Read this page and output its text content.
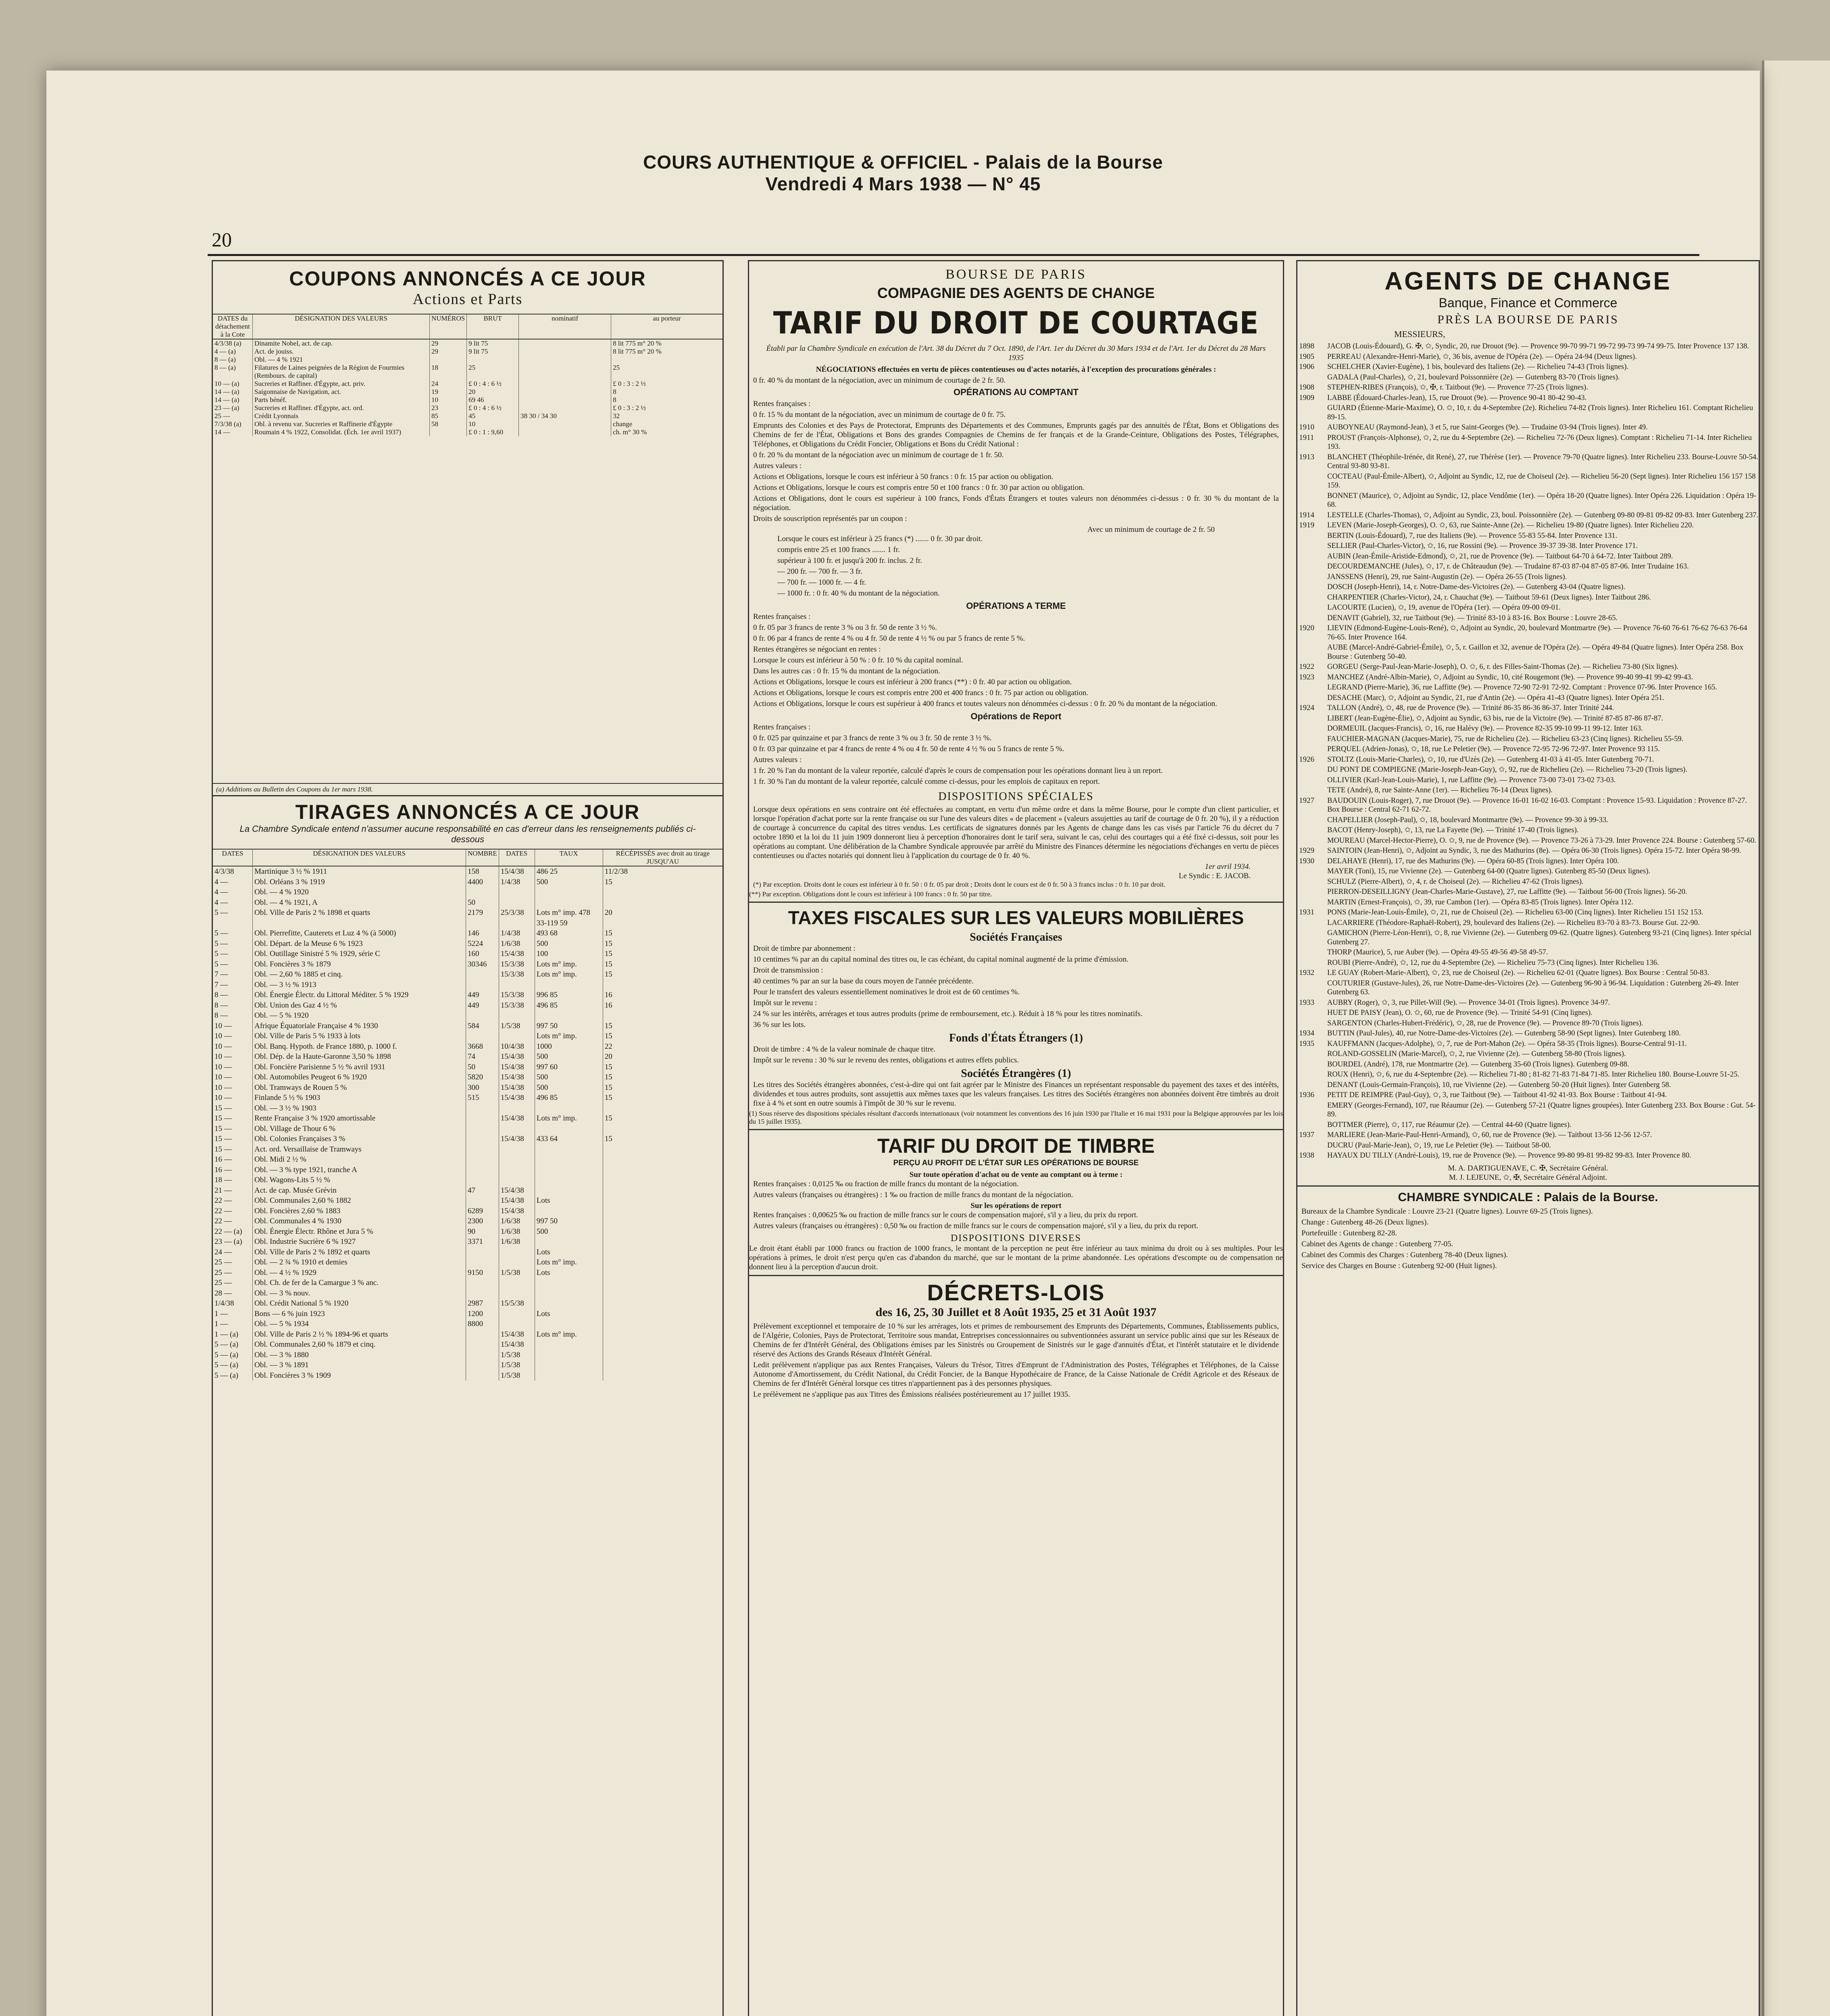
COURS AUTHENTIQUE & OFFICIEL - Palais de la Bourse
Vendredi 4 Mars 1938 — N° 45
20
COUPONS ANNONCÉS A CE JOUR
Actions et Parts
DATES du détachement à la Cote	DÉSIGNATION DES VALEURS	NUMÉROS	BRUT	nominatif	au porteur
4/3/38 (a)	Dinamite Nobel, act. de cap.	29	9 lit 75		8 lit 775 m° 20 %
4 — (a)	Act. de jouiss.	29	9 lit 75		8 lit 775 m° 20 %
8 — (a)	Obl. — 4 % 1921				
8 — (a)	Filatures de Laines peignées de la Région de Fourmies	18	25		25
	(Rembours. de capital)				
10 — (a)	Sucreries et Raffiner. d'Égypte, act. priv.	24	£ 0 : 4 : 6 ½		£ 0 : 3 : 2 ½
14 — (a)	Saigonnaise de Navigation, act.	19	20		8
14 — (a)	Parts bénéf.	10	69 46		8
23 — (a)	Sucreries et Raffiner. d'Égypte, act. ord.	23	£ 0 : 4 : 6 ½		£ 0 : 3 : 2 ½
25 —	Crédit Lyonnais	85	45	38 30 / 34 30	32
7/3/38 (a)	Obl. à revenu var. Sucreries et Raffinerie d'Égypte	58	10		change
14 —	Roumain 4 % 1922, Consolidat. (Éch. 1er avril 1937)		£ 0 : 1 : 9,60		ch. m° 30 %
(a) Additions au Bulletin des Coupons du 1er mars 1938.
TIRAGES ANNONCÉS A CE JOUR
La Chambre Syndicale entend n'assumer aucune responsabilité en cas d'erreur dans les renseignements publiés ci-dessous
DATES	DÉSIGNATION DES VALEURS	NOMBRE	DATES	TAUX	RÉCÉPISSÉS avec droit au tirage JUSQU'AU
4/3/38	Martinique 3 ½ % 1911	158	15/4/38	486 25	11/2/38
4 —	Obl. Orléans 3 % 1919	4400	1/4/38	500	15
4 —	Obl. — 4 % 1920				
4 —	Obl. — 4 % 1921, A	50			
5 —	Obl. Ville de Paris 2 % 1898 et quarts	2179	25/3/38	Lots m° imp. 478 33-119 59	20
5 —	Obl. Pierrefitte, Cauterets et Luz 4 % (à 5000)	146	1/4/38	493 68	15
5 —	Obl. Départ. de la Meuse 6 % 1923	5224	1/6/38	500	15
5 —	Obl. Outillage Sinistré 5 % 1929, série C	160	15/4/38	100	15
5 —	Obl. Foncières 3 % 1879	30346	15/3/38	Lots m° imp.	15
7 —	Obl. — 2,60 % 1885 et cinq.		15/3/38	Lots m° imp.	15
7 —	Obl. — 3 ½ % 1913				
8 —	Obl. Énergie Électr. du Littoral Méditer. 5 % 1929	449	15/3/38	996 85	16
8 —	Obl. Union des Gaz 4 ½ %	449	15/3/38	496 85	16
8 —	Obl. — 5 % 1920				
10 —	Afrique Équatoriale Française 4 % 1930	584	1/5/38	997 50	15
10 —	Obl. Ville de Paris 5 % 1933 à lots			Lots m° imp.	15
10 —	Obl. Banq. Hypoth. de France 1880, p. 1000 f.	3668	10/4/38	1000	22
10 —	Obl. Dép. de la Haute-Garonne 3,50 % 1898	74	15/4/38	500	20
10 —	Obl. Foncière Parisienne 5 ½ % avril 1931	50	15/4/38	997 60	15
10 —	Obl. Automobiles Peugeot 6 % 1920	5820	15/4/38	500	15
10 —	Obl. Tramways de Rouen 5 %	300	15/4/38	500	15
10 —	Finlande 5 ½ % 1903	515	15/4/38	496 85	15
15 —	Obl. — 3 ½ % 1903				
15 —	Rente Française 3 % 1920 amortissable		15/4/38	Lots m° imp.	15
15 —	Obl. Village de Thour 6 %				
15 —	Obl. Colonies Françaises 3 %		15/4/38	433 64	15
15 —	Act. ord. Versaillaise de Tramways				
16 —	Obl. Midi 2 ½ %				
16 —	Obl. — 3 % type 1921, tranche A				
18 —	Obl. Wagons-Lits 5 ½ %				
21 —	Act. de cap. Musée Grévin	47	15/4/38		
22 —	Obl. Communales 2,60 % 1882		15/4/38	Lots	
22 —	Obl. Foncières 2,60 % 1883	6289	15/4/38		
22 —	Obl. Communales 4 % 1930	2300	1/6/38	997 50	
22 — (a)	Obl. Énergie Électr. Rhône et Jura 5 %	90	1/6/38	500	
23 — (a)	Obl. Industrie Sucrière 6 % 1927	3371	1/6/38		
24 —	Obl. Ville de Paris 2 % 1892 et quarts			Lots	
25 —	Obl. — 2 ¾ % 1910 et demies			Lots m° imp.	
25 —	Obl. — 4 ½ % 1929	9150	1/5/38	Lots	
25 —	Obl. Ch. de fer de la Camargue 3 % anc.				
28 —	Obl. — 3 % nouv.				
1/4/38	Obl. Crédit National 5 % 1920	2987	15/5/38		
1 —	Bons — 6 % juin 1923	1200		Lots	
1 —	Obl. — 5 % 1934	8800			
1 — (a)	Obl. Ville de Paris 2 ½ % 1894-96 et quarts		15/4/38	Lots m° imp.	
5 — (a)	Obl. Communales 2,60 % 1879 et cinq.		15/4/38		
5 — (a)	Obl. — 3 % 1880		1/5/38		
5 — (a)	Obl. — 3 % 1891		1/5/38		
5 — (a)	Obl. Foncières 3 % 1909		1/5/38		
BOURSE DE PARIS
COMPAGNIE DES AGENTS DE CHANGE
TARIF DU DROIT DE COURTAGE
Établi par la Chambre Syndicale en exécution de l'Art. 38 du Décret du 7 Oct. 1890, de l'Art. 1er du Décret du 30 Mars 1934 et de l'Art. 1er du Décret du 28 Mars 1935
NÉGOCIATIONS effectuées en vertu de pièces contentieuses ou d'actes notariés, à l'exception des procurations générales :
0 fr. 40 % du montant de la négociation, avec un minimum de courtage de 2 fr. 50.
OPÉRATIONS AU COMPTANT
Rentes françaises :
0 fr. 15 % du montant de la négociation, avec un minimum de courtage de 0 fr. 75.
Emprunts des Colonies et des Pays de Protectorat, Emprunts des Départements et des Communes, Emprunts gagés par des annuités de l'État, Bons et Obligations des Chemins de fer de l'État, Obligations et Bons des grandes Compagnies de Chemins de fer français et de la Grande-Ceinture, Obligations des Postes, Télégraphes, Téléphones, et Obligations du Crédit Foncier, Obligations et Bons du Crédit National :
0 fr. 20 % du montant de la négociation avec un minimum de courtage de 1 fr. 50.
Autres valeurs :
Actions et Obligations, lorsque le cours est inférieur à 50 francs : 0 fr. 15 par action ou obligation.
Actions et Obligations, lorsque le cours est compris entre 50 et 100 francs : 0 fr. 30 par action ou obligation.
Actions et Obligations, dont le cours est supérieur à 100 francs, Fonds d'États Étrangers et toutes valeurs non dénommées ci-dessus : 0 fr. 30 % du montant de la négociation.
Droits de souscription représentés par un coupon :
Avec un minimum de courtage de 2 fr. 50
Lorsque le cours est inférieur à 25 francs (*) ....... 0 fr. 30 par droit.
compris entre 25 et 100 francs ....... 1 fr.
supérieur à 100 fr. et jusqu'à 200 fr. inclus. 2 fr.
— 200 fr. — 700 fr. — 3 fr.
— 700 fr. — 1000 fr. — 4 fr.
— 1000 fr. : 0 fr. 40 % du montant de la négociation.
OPÉRATIONS A TERME
Rentes françaises :
0 fr. 05 par 3 francs de rente 3 % ou 3 fr. 50 de rente 3 ½ %.
0 fr. 06 par 4 francs de rente 4 % ou 4 fr. 50 de rente 4 ½ % ou par 5 francs de rente 5 %.
Rentes étrangères se négociant en rentes :
Lorsque le cours est inférieur à 50 % : 0 fr. 10 % du capital nominal.
Dans les autres cas : 0 fr. 15 % du montant de la négociation.
Actions et Obligations, lorsque le cours est inférieur à 200 francs (**) : 0 fr. 40 par action ou obligation.
Actions et Obligations, lorsque le cours est compris entre 200 et 400 francs : 0 fr. 75 par action ou obligation.
Actions et Obligations, lorsque le cours est supérieur à 400 francs et toutes valeurs non dénommées ci-dessus : 0 fr. 20 % du montant de la négociation.
Opérations de Report
Rentes françaises :
0 fr. 025 par quinzaine et par 3 francs de rente 3 % ou 3 fr. 50 de rente 3 ½ %.
0 fr. 03 par quinzaine et par 4 francs de rente 4 % ou 4 fr. 50 de rente 4 ½ % ou 5 francs de rente 5 %.
Autres valeurs :
1 fr. 20 % l'an du montant de la valeur reportée, calculé d'après le cours de compensation pour les opérations donnant lieu à un report.
1 fr. 30 % l'an du montant de la valeur reportée, calculé comme ci-dessus, pour les emplois de capitaux en report.
DISPOSITIONS SPÉCIALES
Lorsque deux opérations en sens contraire ont été effectuées au comptant, en vertu d'un même ordre et dans la même Bourse, pour le compte d'un client particulier, et lorsque l'opération d'achat porte sur la rente française ou sur l'une des valeurs dites « de placement » (valeurs assujetties au tarif de courtage de 0 fr. 20 %), il y a réduction de courtage à concurrence du capital des titres vendus. Les certificats de signatures donnés par les Agents de change dans les cas visés par l'article 76 du décret du 7 octobre 1890 et la loi du 11 juin 1909 donneront lieu à perception d'honoraires dont le tarif sera, suivant le cas, celui des courtages qui a été fixé ci-dessus, soit pour les opérations au comptant. Une délibération de la Chambre Syndicale approuvée par arrêté du Ministre des Finances détermine les négociations d'échanges en vertu de pièces contentieuses ou d'actes notariés qui donnent lieu à l'application du courtage de 0 fr. 40 %.
1er avril 1934.
Le Syndic : E. JACOB.
(*) Par exception. Droits dont le cours est inférieur à 0 fr. 50 : 0 fr. 05 par droit ; Droits dont le cours est de 0 fr. 50 à 3 francs inclus : 0 fr. 10 par droit.
(**) Par exception. Obligations dont le cours est inférieur à 100 francs : 0 fr. 50 par titre.
TAXES FISCALES SUR LES VALEURS MOBILIÈRES
Sociétés Françaises
Droit de timbre par abonnement :
10 centimes % par an du capital nominal des titres ou, le cas échéant, du capital nominal augmenté de la prime d'émission.
Droit de transmission :
40 centimes % par an sur la base du cours moyen de l'année précédente.
Pour le transfert des valeurs essentiellement nominatives le droit est de 60 centimes %.
Impôt sur le revenu :
24 % sur les intérêts, arrérages et tous autres produits (prime de remboursement, etc.). Réduit à 18 % pour les titres nominatifs.
36 % sur les lots.
Fonds d'États Étrangers (1)
Droit de timbre : 4 % de la valeur nominale de chaque titre.
Impôt sur le revenu : 30 % sur le revenu des rentes, obligations et autres effets publics.
Sociétés Étrangères (1)
Les titres des Sociétés étrangères abonnées, c'est-à-dire qui ont fait agréer par le Ministre des Finances un représentant responsable du payement des taxes et des intérêts, dividendes et tous autres produits, sont assujettis aux mêmes taxes que les valeurs françaises. Les titres des Sociétés étrangères non abonnées doivent être timbrés au droit fixe à 4 % et sont en outre soumis à l'impôt de 30 % sur le revenu.
(1) Sous réserve des dispositions spéciales résultant d'accords internationaux (voir notamment les conventions des 16 juin 1930 par l'Italie et 16 mai 1931 pour la Belgique approuvées par les lois du 15 juillet 1935).
TARIF DU DROIT DE TIMBRE
PERÇU AU PROFIT DE L'ÉTAT SUR LES OPÉRATIONS DE BOURSE
Sur toute opération d'achat ou de vente au comptant ou à terme :
Rentes françaises : 0,0125 ‰ ou fraction de mille francs du montant de la négociation.
Autres valeurs (françaises ou étrangères) : 1 ‰ ou fraction de mille francs du montant de la négociation.
Sur les opérations de report
Rentes françaises : 0,00625 ‰ ou fraction de mille francs sur le cours de compensation majoré, s'il y a lieu, du prix du report.
Autres valeurs (françaises ou étrangères) : 0,50 ‰ ou fraction de mille francs sur le cours de compensation majoré, s'il y a lieu, du prix du report.
DISPOSITIONS DIVERSES
Le droit étant établi par 1000 francs ou fraction de 1000 francs, le montant de la perception ne peut être inférieur au taux minima du droit ou à ses multiples. Pour les opérations à primes, le droit n'est perçu qu'en cas d'abandon du marché, que sur le montant de la prime abandonnée. Les opérations d'escompte ou de compensation ne donnent lieu à la perception d'aucun droit.
DÉCRETS-LOIS
des 16, 25, 30 Juillet et 8 Août 1935, 25 et 31 Août 1937
Prélèvement exceptionnel et temporaire de 10 % sur les arrérages, lots et primes de remboursement des Emprunts des Départements, Communes, Établissements publics, de l'Algérie, Colonies, Pays de Protectorat, Territoire sous mandat, Entreprises concessionnaires ou subventionnées assurant un service public ainsi que sur les Réseaux de Chemins de fer d'Intérêt Général, des Obligations émises par les Sinistrés ou Groupement de Sinistrés sur le gage d'annuités d'État, et l'intérêt statutaire et le dividende réservé des Actions des Grands Réseaux d'Intérêt Général.
Ledit prélèvement n'applique pas aux Rentes Françaises, Valeurs du Trésor, Titres d'Emprunt de l'Administration des Postes, Télégraphes et Téléphones, de la Caisse Autonome d'Amortissement, du Crédit National, du Crédit Foncier, de la Banque Hypothécaire de France, de la Caisse Nationale de Crédit Agricole et des Réseaux de Chemins de fer d'Intérêt Général lorsque ces titres n'appartiennent pas à des personnes physiques.
Le prélèvement ne s'applique pas aux Titres des Émissions réalisées postérieurement au 17 juillet 1935.
AGENTS DE CHANGE
Banque, Finance et Commerce
PRÈS LA BOURSE DE PARIS
MESSIEURS,
1898	JACOB (Louis-Édouard), G. ✠, ✩, Syndic, 20, rue Drouot (9e). — Provence 99-70 99-71 99-72 99-73 99-74 99-75. Inter Provence 137 138.
1905	PERREAU (Alexandre-Henri-Marie), ✩, 36 bis, avenue de l'Opéra (2e). — Opéra 24-94 (Deux lignes).
1906	SCHELCHER (Xavier-Eugène), 1 bis, boulevard des Italiens (2e). — Richelieu 74-43 (Trois lignes).
GADALA (Paul-Charles), ✩, 21, boulevard Poissonnière (2e). — Gutenberg 83-70 (Trois lignes).
1908	STEPHEN-RIBES (François), ✩, ✠, r. Taitbout (9e). — Provence 77-25 (Trois lignes).
1909	LABBE (Édouard-Charles-Jean), 15, rue Drouot (9e). — Provence 90-41 80-42 90-43.
GUIARD (Étienne-Marie-Maxime), O. ✩, 10, r. du 4-Septembre (2e). Richelieu 74-82 (Trois lignes). Inter Richelieu 161. Comptant Richelieu 89-15.
1910	AUBOYNEAU (Raymond-Jean), 3 et 5, rue Saint-Georges (9e). — Trudaine 03-94 (Trois lignes). Inter 49.
1911	PROUST (François-Alphonse), ✩, 2, rue du 4-Septembre (2e). — Richelieu 72-76 (Deux lignes). Comptant : Richelieu 71-14. Inter Richelieu 193.
1913	BLANCHET (Théophile-Irénée, dit René), 27, rue Thérèse (1er). — Provence 79-70 (Quatre lignes). Inter Richelieu 233. Bourse-Louvre 50-54. Central 93-80 93-81.
COCTEAU (Paul-Émile-Albert), ✩, Adjoint au Syndic, 12, rue de Choiseul (2e). — Richelieu 56-20 (Sept lignes). Inter Richelieu 156 157 158 159.
BONNET (Maurice), ✩, Adjoint au Syndic, 12, place Vendôme (1er). — Opéra 18-20 (Quatre lignes). Inter Opéra 226. Liquidation : Opéra 19-68.
1914	LESTELLE (Charles-Thomas), ✩, Adjoint au Syndic, 23, boul. Poissonnière (2e). — Gutenberg 09-80 09-81 09-82 09-83. Inter Gutenberg 237.
1919	LEVEN (Marie-Joseph-Georges), O. ✩, 63, rue Sainte-Anne (2e). — Richelieu 19-80 (Quatre lignes). Inter Richelieu 220.
BERTIN (Louis-Édouard), 7, rue des Italiens (9e). — Provence 55-83 55-84. Inter Provence 131.
SELLIER (Paul-Charles-Victor), ✩, 16, rue Rossini (9e). — Provence 39-37 39-38. Inter Provence 171.
AUBIN (Jean-Émile-Aristide-Edmond), ✩, 21, rue de Provence (9e). — Taitbout 64-70 à 64-72. Inter Taitbout 289.
DECOURDEMANCHE (Jules), ✩, 17, r. de Châteaudun (9e). — Trudaine 87-03 87-04 87-05 87-06. Inter Trudaine 163.
JANSSENS (Henri), 29, rue Saint-Augustin (2e). — Opéra 26-55 (Trois lignes).
DOSCH (Joseph-Henri), 14, r. Notre-Dame-des-Victoires (2e). — Gutenberg 43-04 (Quatre lignes).
CHARPENTIER (Charles-Victor), 24, r. Chauchat (9e). — Taitbout 59-61 (Deux lignes). Inter Taitbout 286.
LACOURTE (Lucien), ✩, 19, avenue de l'Opéra (1er). — Opéra 09-00 09-01.
DENAVIT (Gabriel), 32, rue Taitbout (9e). — Trinité 83-10 à 83-16. Box Bourse : Louvre 28-65.
1920	LIEVIN (Edmond-Eugène-Louis-René), ✩, Adjoint au Syndic, 20, boulevard Montmartre (9e). — Provence 76-60 76-61 76-62 76-63 76-64 76-65. Inter Provence 164.
AUBE (Marcel-André-Gabriel-Émile), ✩, 5, r. Gaillon et 32, avenue de l'Opéra (2e). — Opéra 49-84 (Quatre lignes). Inter Opéra 258. Box Bourse : Gutenberg 50-40.
1922	GORGEU (Serge-Paul-Jean-Marie-Joseph), O. ✩, 6, r. des Filles-Saint-Thomas (2e). — Richelieu 73-80 (Six lignes).
1923	MANCHEZ (André-Albin-Marie), ✩, Adjoint au Syndic, 10, cité Rougemont (9e). — Provence 99-40 99-41 99-42 99-43.
LEGRAND (Pierre-Marie), 36, rue Laffitte (9e). — Provence 72-90 72-91 72-92. Comptant : Provence 07-96. Inter Provence 165.
DESACHE (Marc), ✩, Adjoint au Syndic, 21, rue d'Antin (2e). — Opéra 41-43 (Quatre lignes). Inter Opéra 251.
1924	TALLON (André), ✩, 48, rue de Provence (9e). — Trinité 86-35 86-36 86-37. Inter Trinité 244.
LIBERT (Jean-Eugène-Élie), ✩, Adjoint au Syndic, 63 bis, rue de la Victoire (9e). — Trinité 87-85 87-86 87-87.
DORMEUIL (Jacques-Francis), ✩, 16, rue Halévy (9e). — Provence 82-35 99-10 99-11 99-12. Inter 163.
FAUCHIER-MAGNAN (Jacques-Marie), 75, rue de Richelieu (2e). — Richelieu 63-23 (Cinq lignes). Richelieu 55-59.
PERQUEL (Adrien-Jonas), ✩, 18, rue Le Peletier (9e). — Provence 72-95 72-96 72-97. Inter Provence 93 115.
1926	STOLTZ (Louis-Marie-Charles), ✩, 10, rue d'Uzès (2e). — Gutenberg 41-03 à 41-05. Inter Gutenberg 70-71.
DU PONT DE COMPIEGNE (Marie-Joseph-Jean-Guy), ✩, 92, rue de Richelieu (2e). — Richelieu 73-20 (Trois lignes).
OLLIVIER (Karl-Jean-Louis-Marie), 1, rue Laffitte (9e). — Provence 73-00 73-01 73-02 73-03.
TETE (André), 8, rue Sainte-Anne (1er). — Richelieu 76-14 (Deux lignes).
1927	BAUDOUIN (Louis-Roger), 7, rue Drouot (9e). — Provence 16-01 16-02 16-03. Comptant : Provence 15-93. Liquidation : Provence 87-27. Box Bourse : Central 62-71 62-72.
CHAPELLIER (Joseph-Paul), ✩, 18, boulevard Montmartre (9e). — Provence 99-30 à 99-33.
BACOT (Henry-Joseph), ✩, 13, rue La Fayette (9e). — Trinité 17-40 (Trois lignes).
MOUREAU (Marcel-Hector-Pierre), O. ✩, 9, rue de Provence (9e). — Provence 73-26 à 73-29. Inter Provence 224. Bourse : Gutenberg 57-60.
1929	SAINTOIN (Jean-Henri), ✩, Adjoint au Syndic, 3, rue des Mathurins (8e). — Opéra 06-30 (Trois lignes). Opéra 15-72. Inter Opéra 98-99.
1930	DELAHAYE (Henri), 17, rue des Mathurins (9e). — Opéra 60-85 (Trois lignes). Inter Opéra 100.
MAYER (Toni), 15, rue Vivienne (2e). — Gutenberg 64-00 (Quatre lignes). Gutenberg 85-50 (Deux lignes).
SCHULZ (Pierre-Albert), ✩, 4, r. de Choiseul (2e). — Richelieu 47-62 (Trois lignes).
PIERRON-DESEILLIGNY (Jean-Charles-Marie-Gustave), 27, rue Laffitte (9e). — Taitbout 56-00 (Trois lignes). 56-20.
MARTIN (Ernest-François), ✩, 39, rue Cambon (1er). — Opéra 83-85 (Trois lignes). Inter Opéra 112.
1931	PONS (Marie-Jean-Louis-Émile), ✩, 21, rue de Choiseul (2e). — Richelieu 63-00 (Cinq lignes). Inter Richelieu 151 152 153.
LACARRIERE (Théodore-Raphaël-Robert), 29, boulevard des Italiens (2e). — Richelieu 83-70 à 83-73. Bourse Gut. 22-90.
GAMICHON (Pierre-Léon-Henri), ✩, 8, rue Vivienne (2e). — Gutenberg 09-62. (Quatre lignes). Gutenberg 93-21 (Cinq lignes). Inter spécial Gutenberg 27.
THORP (Maurice), 5, rue Auber (9e). — Opéra 49-55 49-56 49-58 49-57.
ROUBI (Pierre-André), ✩, 12, rue du 4-Septembre (2e). — Richelieu 75-73 (Cinq lignes). Inter Richelieu 136.
1932	LE GUAY (Robert-Marie-Albert), ✩, 23, rue de Choiseul (2e). — Richelieu 62-01 (Quatre lignes). Box Bourse : Central 50-83.
COUTURIER (Gustave-Jules), 26, rue Notre-Dame-des-Victoires (2e). — Gutenberg 96-90 à 96-94. Liquidation : Gutenberg 26-49. Inter Gutenberg 63.
1933	AUBRY (Roger), ✩, 3, rue Pillet-Will (9e). — Provence 34-01 (Trois lignes). Provence 34-97.
HUET DE PAISY (Jean), O. ✩, 60, rue de Provence (9e). — Trinité 54-91 (Cinq lignes).
SARGENTON (Charles-Hubert-Frédéric), ✩, 28, rue de Provence (9e). — Provence 89-70 (Trois lignes).
1934	BUTTIN (Paul-Jules), 40, rue Notre-Dame-des-Victoires (2e). — Gutenberg 58-90 (Sept lignes). Inter Gutenberg 180.
1935	KAUFFMANN (Jacques-Adolphe), ✩, 7, rue de Port-Mahon (2e). — Opéra 58-35 (Trois lignes). Bourse-Central 91-11.
ROLAND-GOSSELIN (Marie-Marcel), ✩, 2, rue Vivienne (2e). — Gutenberg 58-80 (Trois lignes).
BOURDEL (André), 178, rue Montmartre (2e). — Gutenberg 35-60 (Trois lignes). Gutenberg 09-88.
ROUX (Henri), ✩, 6, rue du 4-Septembre (2e). — Richelieu 71-80 ; 81-82 71-83 71-84 71-85. Inter Richelieu 180. Bourse-Louvre 51-25.
DENANT (Louis-Germain-François), 10, rue Vivienne (2e). — Gutenberg 50-20 (Huit lignes). Inter Gutenberg 58.
1936	PETIT DE REIMPRE (Paul-Guy), ✩, 3, rue Taitbout (9e). — Taitbout 41-92 41-93. Box Bourse : Taitbout 41-94.
EMERY (Georges-Fernand), 107, rue Réaumur (2e). — Gutenberg 57-21 (Quatre lignes groupées). Inter Gutenberg 233. Box Bourse : Gut. 54-89.
BOTTMER (Pierre), ✩, 117, rue Réaumur (2e). — Central 44-60 (Quatre lignes).
1937	MARLIERE (Jean-Marie-Paul-Henri-Armand), ✩, 60, rue de Provence (9e). — Taitbout 13-56 12-56 12-57.
DUCRU (Paul-Marie-Jean), ✩, 19, rue Le Peletier (9e). — Taitbout 58-00.
1938	HAYAUX DU TILLY (André-Louis), 19, rue de Provence (9e). — Provence 99-80 99-81 99-82 99-83. Inter Provence 80.
M. A. DARTIGUENAVE, C. ✠, Secrétaire Général.
M. J. LEJEUNE, ✩, ✠, Secrétaire Général Adjoint.
CHAMBRE SYNDICALE : Palais de la Bourse.
Bureaux de la Chambre Syndicale : Louvre 23-21 (Quatre lignes). Louvre 69-25 (Trois lignes).
Change : Gutenberg 48-26 (Deux lignes).
Portefeuille : Gutenberg 82-28.
Cabinet des Agents de change : Gutenberg 77-05.
Cabinet des Commis des Charges : Gutenberg 78-40 (Deux lignes).
Service des Charges en Bourse : Gutenberg 92-00 (Huit lignes).
